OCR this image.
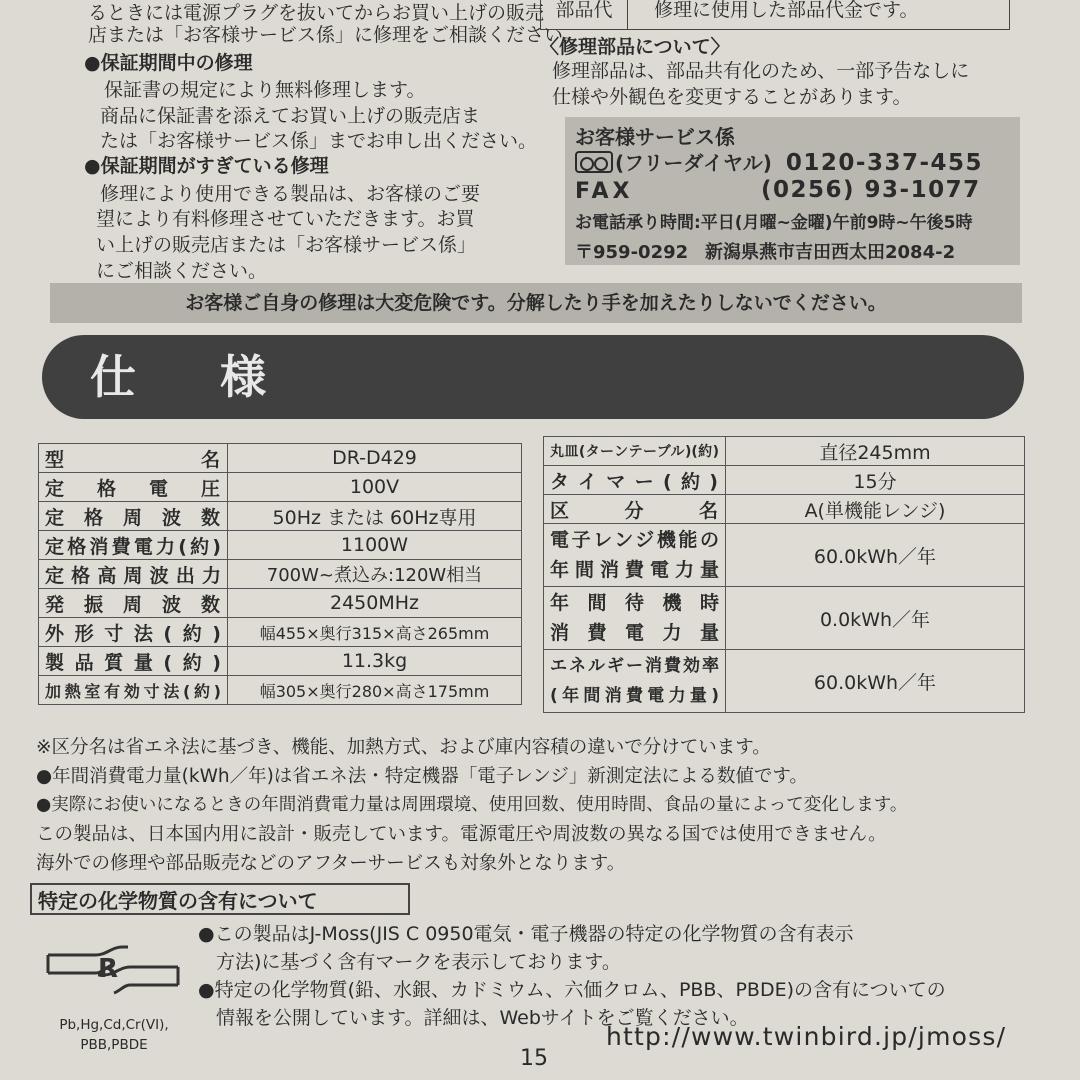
るときには電源プラグを抜いてからお買い上げの販売
店または「お客様サービス係」に修理をご相談ください。
●保証期間中の修理
保証書の規定により無料修理します。
商品に保証書を添えてお買い上げの販売店ま
たは「お客様サービス係」までお申し出ください。
●保証期間がすぎている修理
修理により使用できる製品は、お客様のご要
望により有料修理させていただきます。お買
い上げの販売店または「お客様サービス係」
にご相談ください。
部品代	修理に使用した部品代金です。
〈修理部品について〉
修理部品は、部品共有化のため、一部予告なしに
仕様や外観色を変更することがあります。
お客様サービス係
(フリーダイヤル) 0120-337-455
FAX	(0256) 93-1077
お電話承り時間:平日(月曜~金曜)午前9時~午後5時
〒959-0292 新潟県燕市吉田西太田2084-2
お客様ご自身の修理は大変危険です。分解したり手を加えたりしないでください。
仕 様
型名	DR-D429
定格電圧	100V
定格周波数	50Hz または 60Hz専用
定格消費電力(約)	1100W
定格高周波出力	700W~煮込み:120W相当
発振周波数	2450MHz
外形寸法(約)	幅455×奥行315×高さ265mm
製品質量(約)	11.3kg
加熱室有効寸法(約)	幅305×奥行280×高さ175mm
丸皿(ターンテーブル)(約)	直径245mm
タイマー(約)	15分
区分名	A(単機能レンジ)

電子レンジ機能の
年間消費電力量	60.0kWh／年

年間待機時
消費電力量	0.0kWh／年

エネルギー消費効率
(年間消費電力量)	60.0kWh／年
※区分名は省エネ法に基づき、機能、加熱方式、および庫内容積の違いで分けています。
●年間消費電力量(kWh／年)は省エネ法・特定機器「電子レンジ」新測定法による数値です。
●実際にお使いになるときの年間消費電力量は周囲環境、使用回数、使用時間、食品の量によって変化します。
この製品は、日本国内用に設計・販売しています。電源電圧や周波数の異なる国では使用できません。
海外での修理や部品販売などのアフターサービスも対象外となります。
特定の化学物質の含有について
R
Pb,Hg,Cd,Cr(VI),
PBB,PBDE
●この製品はJ-Moss(JIS C 0950電気・電子機器の特定の化学物質の含有表示
方法)に基づく含有マークを表示しております。
●特定の化学物質(鉛、水銀、カドミウム、六価クロム、PBB、PBDE)の含有についての
情報を公開しています。詳細は、Webサイトをご覧ください。
http://www.twinbird.jp/jmoss/
15
